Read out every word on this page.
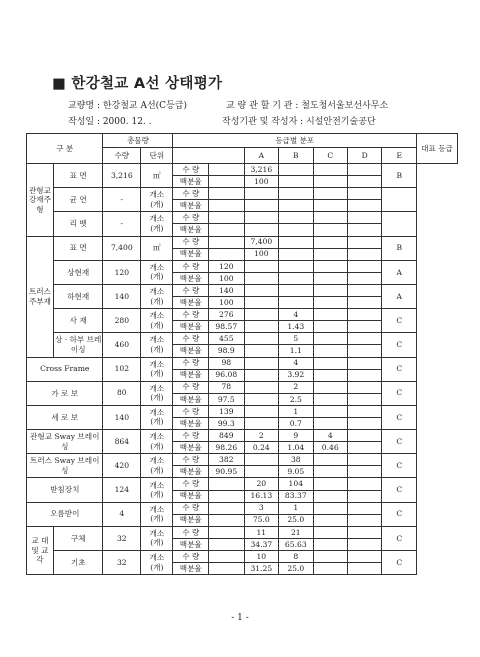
■ 한강철교 A선 상태평가
교량명 : 한강철교 A선(C등급)	교 량 관 할 기 관 : 철도청서울보선사무소
작성일 : 2000. 12. .	작성기관 및 작성자 : 시설안전기술공단
구 분		총물량		등급별 분포							대표 등급
		수량	단위			A	B	C	D	E	
관형교 강재주형	표 면	3,216	㎡	수 량		3,216				B	
				백분율		100					
	균 연	-	개소 (개)	수 량							
				백분율							
	리 벳	-	개소 (개)	수 량							
				백분율							
트러스 주부재	표 면	7,400	㎡	수 량		7,400				B	
				백분율		100					
	상현재	120	개소 (개)	수 량	120					A	
				백분율	100						
	하현재	140	개소 (개)	수 량	140					A	
				백분율	100						
	사 재	280	개소 (개)	수 량	276		4			C	
				백분율	98.57		1.43				
	상 · 하부 브레이싱	460	개소 (개)	수 량	455		5			C	
				백분율	98.9		1.1				
Cross Frame		102	개소 (개)	수 량	98		4			C	
				백분율	96.08		3.92				
가 로 보		80	개소 (개)	수 량	78		2			C	
				백분율	97.5		2.5				
세 로 보		140	개소 (개)	수 량	139		1			C	
				백분율	99.3		0.7				
관형교 Sway 브레이싱		864	개소 (개)	수 량	849	2	9	4		C	
				백분율	98.26	0.24	1.04	0.46			
트러스 Sway 브레이싱		420	개소 (개)	수 량	382		38			C	
				백분율	90.95		9.05				
받침장치		124	개소 (개)	수 량		20	104			C	
				백분율		16.13	83.37				
오름받이		4	개소 (개)	수 량		3	1			C	
				백분율		75.0	25.0				
교 대 및 교 각	구체	32	개소 (개)	수 량		11	21			C	
				백분율		34.37	65.63				
	기초	32	개소 (개)	수 량		10	8			C	
				백분율		31.25	25.0				
- 1 -
